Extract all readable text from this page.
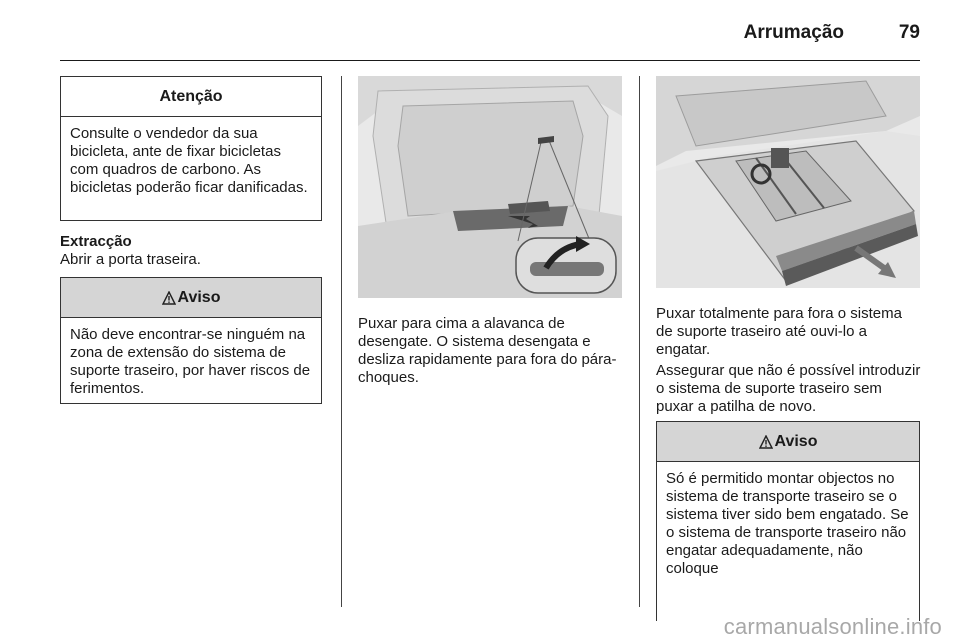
Arrumação	79
Atenção
Consulte o vendedor da sua bicicleta, ante de fixar bicicletas com quadros de carbono. As bicicletas poderão ficar danificadas.
Extracção
Abrir a porta traseira.
Aviso
Não deve encontrar-se ninguém na zona de extensão do sistema de suporte traseiro, por haver riscos de ferimentos.
Puxar para cima a alavanca de desengate. O sistema desengata e desliza rapidamente para fora do pára-choques.
Puxar totalmente para fora o sistema de suporte traseiro até ouvi-lo a engatar.
Assegurar que não é possível introduzir o sistema de suporte traseiro sem puxar a patilha de novo.
Aviso
Só é permitido montar objectos no sistema de transporte traseiro se o sistema tiver sido bem engatado. Se o sistema de transporte traseiro não engatar adequadamente, não coloque
carmanualsonline.info
